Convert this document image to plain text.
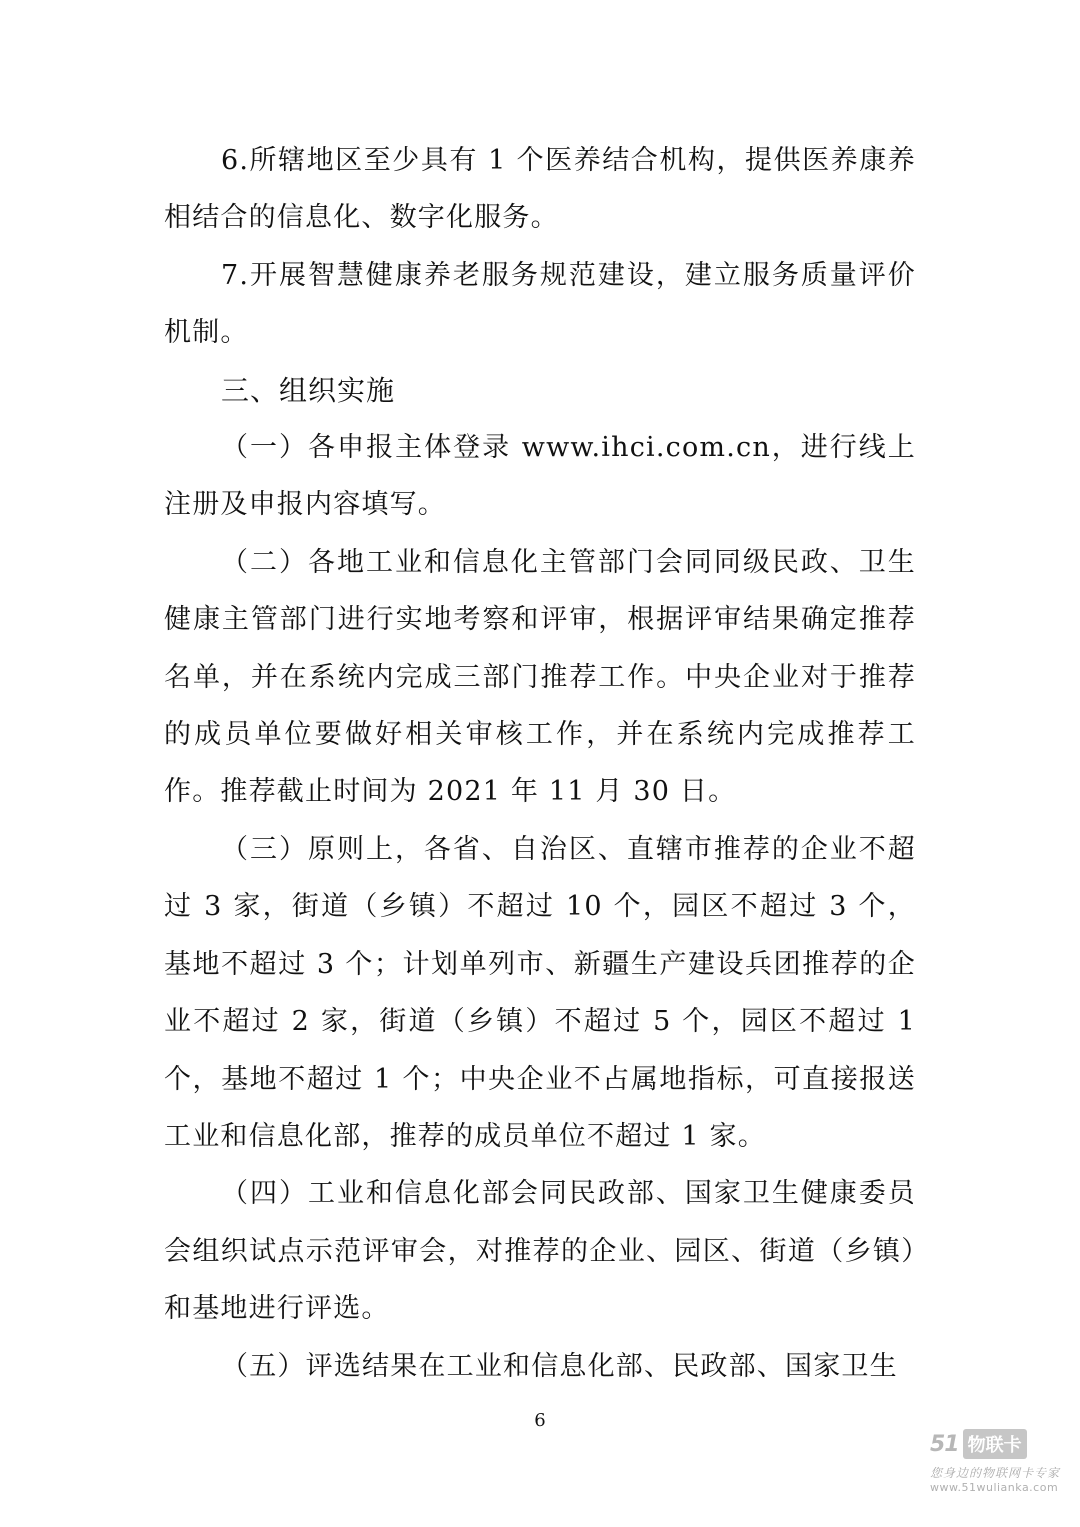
6.所辖地区至少具有 1 个医养结合机构，提供医养康养相结合的信息化、数字化服务。

7.开展智慧健康养老服务规范建设，建立服务质量评价机制。

三、组织实施

（一）各申报主体登录 www.ihci.com.cn，进行线上注册及申报内容填写。

（二）各地工业和信息化主管部门会同同级民政、卫生健康主管部门进行实地考察和评审，根据评审结果确定推荐名单，并在系统内完成三部门推荐工作。中央企业对于推荐的成员单位要做好相关审核工作，并在系统内完成推荐工作。推荐截止时间为 2021 年 11 月 30 日。

（三）原则上，各省、自治区、直辖市推荐的企业不超过 3 家，街道（乡镇）不超过 10 个，园区不超过 3 个，基地不超过 3 个；计划单列市、新疆生产建设兵团推荐的企业不超过 2 家，街道（乡镇）不超过 5 个，园区不超过 1 个，基地不超过 1 个；中央企业不占属地指标，可直接报送工业和信息化部，推荐的成员单位不超过 1 家。

（四）工业和信息化部会同民政部、国家卫生健康委员会组织试点示范评审会，对推荐的企业、园区、街道（乡镇）和基地进行评选。

（五）评选结果在工业和信息化部、民政部、国家卫生

6
51 物联卡
您身边的物联网卡专家
www.51wulianka.com
